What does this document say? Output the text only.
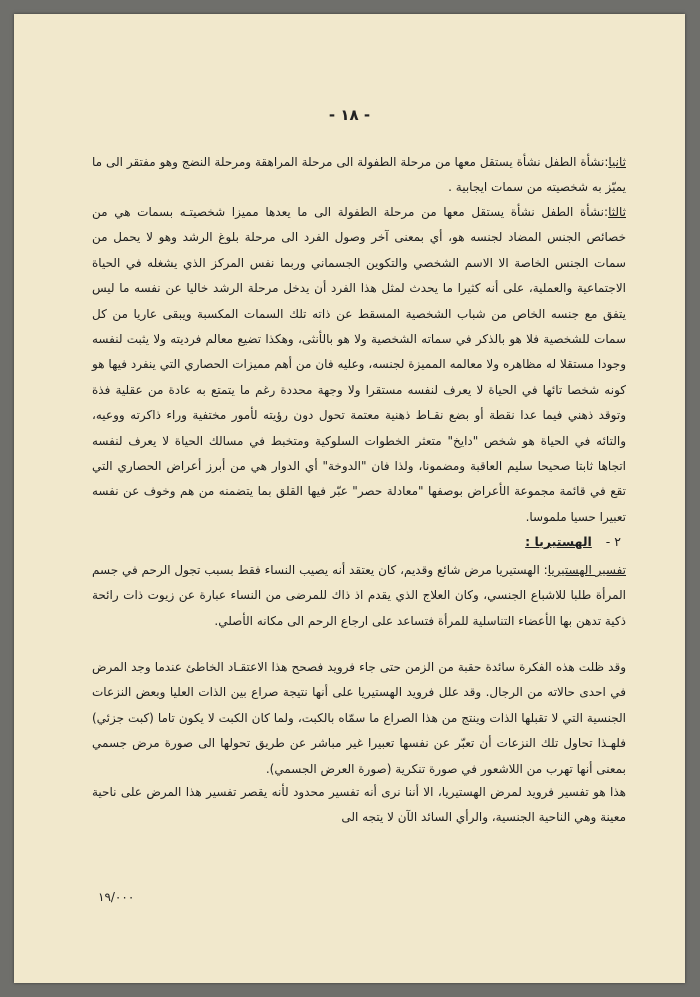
- ١٨ -
ثانيا:نشأة الطفل نشأة يستقل معها من مرحلة الطفولة الى مرحلة المراهقة ومرحلة النضج وهو مفتقر الى ما يميّز به شخصيته من سمات ايجابية .
ثالثا:نشأة الطفل نشأة يستقل معها من مرحلة الطفولة الى ما يعدها مميزا شخصيتـه بسمات هي من خصائص الجنس المضاد لجنسه هو، أي بمعنى آخر وصول الفرد الى مرحلة بلوغ الرشد وهو لا يحمل من سمات الجنس الخاصة الا الاسم الشخصي والتكوين الجسماني وربما نفس المركز الذي يشغله في الحياة الاجتماعية والعملية، على أنه كثيرا ما يحدث لمثل هذا الفرد أن يدخل مرحلة الرشد خاليا عن نفسه ما ليس يتفق مع جنسه الخاص من شباب الشخصية المسقط عن ذاته تلك السمات المكسبة ويبقى عاريا من كل سمات للشخصية فلا هو بالذكر في سماته الشخصية ولا هو بالأنثى، وهكذا تضيع معالم فرديته ولا يثبت لنفسه وجودا مستقلا له مظاهره ولا معالمه المميزة لجنسه، وعليه فان من أهم مميزات الحصاري التي ينفرد فيها هو كونه شخصا تائها في الحياة لا يعرف لنفسه مستقرا ولا وجهة محددة رغم ما يتمتع به عادة من عقلية فذة وتوقد ذهني فيما عدا نقطة أو بضع نقـاط ذهنية معتمة تحول دون رؤيته لأمور مختفية وراء ذاكرته ووعيه، والتائه في الحياة هو شخص "دايخ" متعثر الخطوات السلوكية ومتخبط في مسالك الحياة لا يعرف لنفسه اتجاها ثابتا صحيحا سليم العاقبة ومضمونا، ولذا فان "الدوخة" أي الدوار هي من أبرز أعراض الحصاري التي تقع في قائمة مجموعة الأعراض بوصفها "معادلة حصر" عبّر فيها القلق بما يتضمنه من هم وخوف عن نفسه تعبيرا حسيا ملموسا.
٢ - الهستيريا :
تفسير الهستيريا: الهستيريا مرض شائع وقديم، كان يعتقد أنه يصيب النساء فقط بسبب تجول الرحم في جسم المرأة طلبا للاشباع الجنسي، وكان العلاج الذي يقدم اذ ذاك للمرضى من النساء عبارة عن زيوت ذات رائحة ذكية تدهن بها الأعضاء التناسلية للمرأة فتساعد على ارجاع الرحم الى مكانه الأصلي.
وقد ظلت هذه الفكرة سائدة حقبة من الزمن حتى جاء فرويد فصحح هذا الاعتقـاد الخاطئ عندما وجد المرض في احدى حالاته من الرجال. وقد علل فرويد الهستيريا على أنها نتيجة صراع بين الذات العليا وبعض النزعات الجنسية التي لا تقبلها الذات وينتج من هذا الصراع ما سمّاه بالكبت، ولما كان الكبت لا يكون تاما (كبت جزئي) فلهـذا تحاول تلك النزعات أن تعبّر عن نفسها تعبيرا غير مباشر عن طريق تحولها الى صورة مرض جسمي بمعنى أنها تهرب من اللاشعور في صورة تنكرية (صورة العرض الجسمي).
هذا هو تفسير فرويد لمرض الهستيريا، الا أننا نرى أنه تفسير محدود لأنه يقصر تفسير هذا المرض على ناحية معينة وهي الناحية الجنسية، والرأي السائد الآن لا يتجه الى
١٩/٠٠٠
